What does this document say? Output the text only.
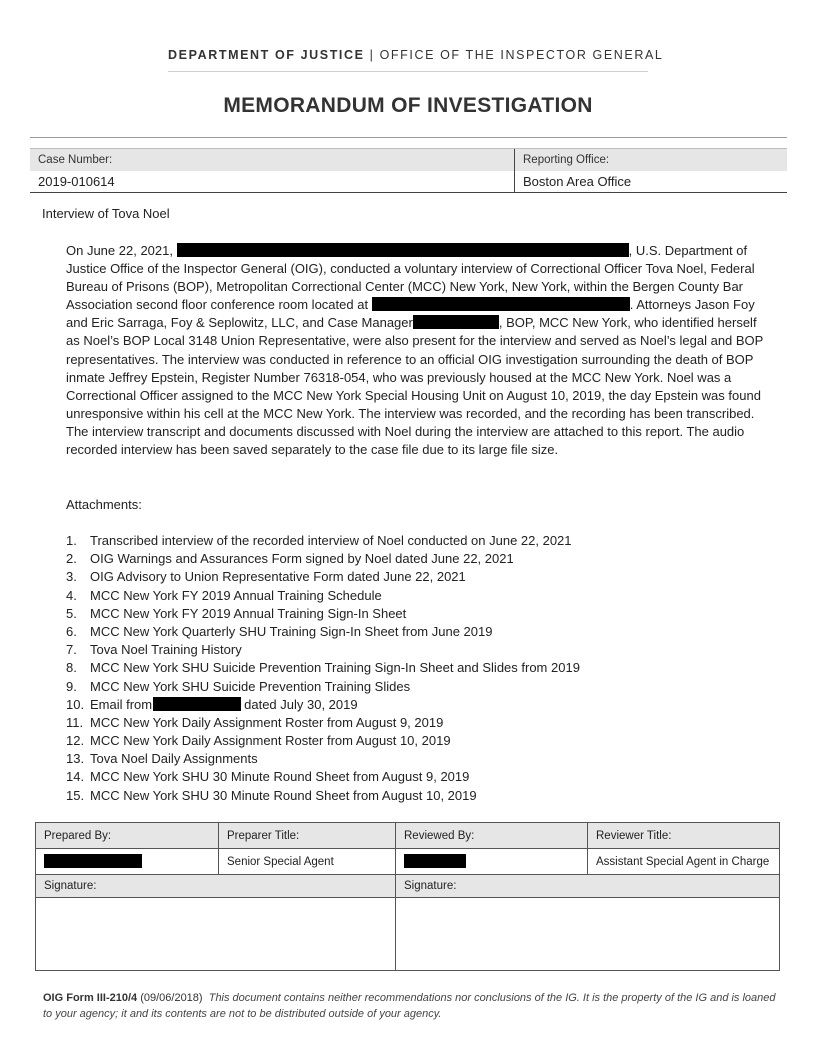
DEPARTMENT OF JUSTICE | OFFICE OF THE INSPECTOR GENERAL
MEMORANDUM OF INVESTIGATION
Case Number:	Reporting Office:
2019-010614	Boston Area Office
Interview of Tova Noel

On June 22, 2021,	, U.S. Department of Justice Office of the Inspector General (OIG), conducted a voluntary interview of Correctional Officer Tova Noel, Federal Bureau of Prisons (BOP), Metropolitan Correctional Center (MCC) New York, New York, within the Bergen County Bar Association second floor conference room located at	. Attorneys Jason Foy and Eric Sarraga, Foy & Seplowitz, LLC, and Case Manager	, BOP, MCC New York, who identified herself as Noel’s BOP Local 3148 Union Representative, were also present for the interview and served as Noel’s legal and BOP representatives. The interview was conducted in reference to an official OIG investigation surrounding the death of BOP inmate Jeffrey Epstein, Register Number 76318-054, who was previously housed at the MCC New York. Noel was a Correctional Officer assigned to the MCC New York Special Housing Unit on August 10, 2019, the day Epstein was found unresponsive within his cell at the MCC New York. The interview was recorded, and the recording has been transcribed. The interview transcript and documents discussed with Noel during the interview are attached to this report. The audio recorded interview has been saved separately to the case file due to its large file size.

Attachments:
1. Transcribed interview of the recorded interview of Noel conducted on June 22, 2021
2. OIG Warnings and Assurances Form signed by Noel dated June 22, 2021
3. OIG Advisory to Union Representative Form dated June 22, 2021
4. MCC New York FY 2019 Annual Training Schedule
5. MCC New York FY 2019 Annual Training Sign-In Sheet
6. MCC New York Quarterly SHU Training Sign-In Sheet from June 2019
7. Tova Noel Training History
8. MCC New York SHU Suicide Prevention Training Sign-In Sheet and Slides from 2019
9. MCC New York SHU Suicide Prevention Training Slides
10. Email from	dated July 30, 2019
11. MCC New York Daily Assignment Roster from August 9, 2019
12. MCC New York Daily Assignment Roster from August 10, 2019
13. Tova Noel Daily Assignments
14. MCC New York SHU 30 Minute Round Sheet from August 9, 2019
15. MCC New York SHU 30 Minute Round Sheet from August 10, 2019
Prepared By:	Preparer Title:	Reviewed By:	Reviewer Title:
	Senior Special Agent		Assistant Special Agent in Charge
Signature:		Signature:	

OIG Form III-210/4 (09/06/2018) This document contains neither recommendations nor conclusions of the IG. It is the property of the IG and is loaned to your agency; it and its contents are not to be distributed outside of your agency.
